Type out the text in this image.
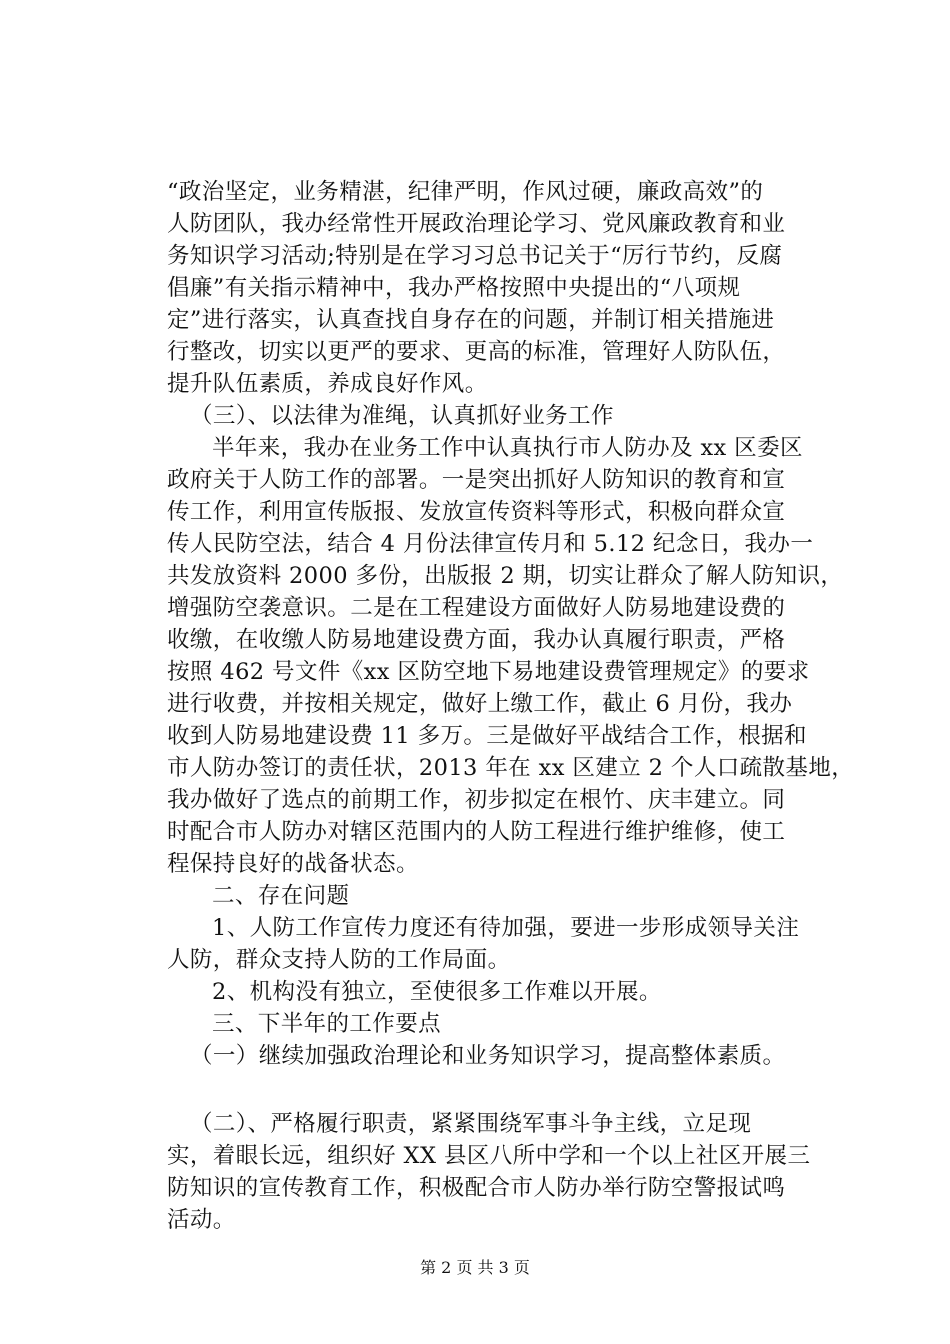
“政治坚定，业务精湛，纪律严明，作风过硬，廉政高效”的
人防团队，我办经常性开展政治理论学习、党风廉政教育和业
务知识学习活动;特别是在学习习总书记关于“厉行节约，反腐
倡廉”有关指示精神中，我办严格按照中央提出的“八项规
定”进行落实，认真查找自身存在的问题，并制订相关措施进
行整改，切实以更严的要求、更高的标准，管理好人防队伍，
提升队伍素质，养成良好作风。
（三）、以法律为准绳，认真抓好业务工作
半年来，我办在业务工作中认真执行市人防办及 xx 区委区
政府关于人防工作的部署。一是突出抓好人防知识的教育和宣
传工作，利用宣传版报、发放宣传资料等形式，积极向群众宣
传人民防空法，结合 4 月份法律宣传月和 5.12 纪念日，我办一
共发放资料 2000 多份，出版报 2 期，切实让群众了解人防知识，
增强防空袭意识。二是在工程建设方面做好人防易地建设费的
收缴，在收缴人防易地建设费方面，我办认真履行职责，严格
按照 462 号文件《xx 区防空地下易地建设费管理规定》的要求
进行收费，并按相关规定，做好上缴工作，截止 6 月份，我办
收到人防易地建设费 11 多万。三是做好平战结合工作，根据和
市人防办签订的责任状，2013 年在 xx 区建立 2 个人口疏散基地，
我办做好了选点的前期工作，初步拟定在根竹、庆丰建立。同
时配合市人防办对辖区范围内的人防工程进行维护维修，使工
程保持良好的战备状态。
二、存在问题
1、人防工作宣传力度还有待加强，要进一步形成领导关注
人防，群众支持人防的工作局面。
2、机构没有独立，至使很多工作难以开展。
三、下半年的工作要点
（一）继续加强政治理论和业务知识学习，提高整体素质。
（二）、严格履行职责，紧紧围绕军事斗争主线，立足现
实，着眼长远，组织好 XX 县区八所中学和一个以上社区开展三
防知识的宣传教育工作，积极配合市人防办举行防空警报试鸣
活动。
第 2 页 共 3 页
